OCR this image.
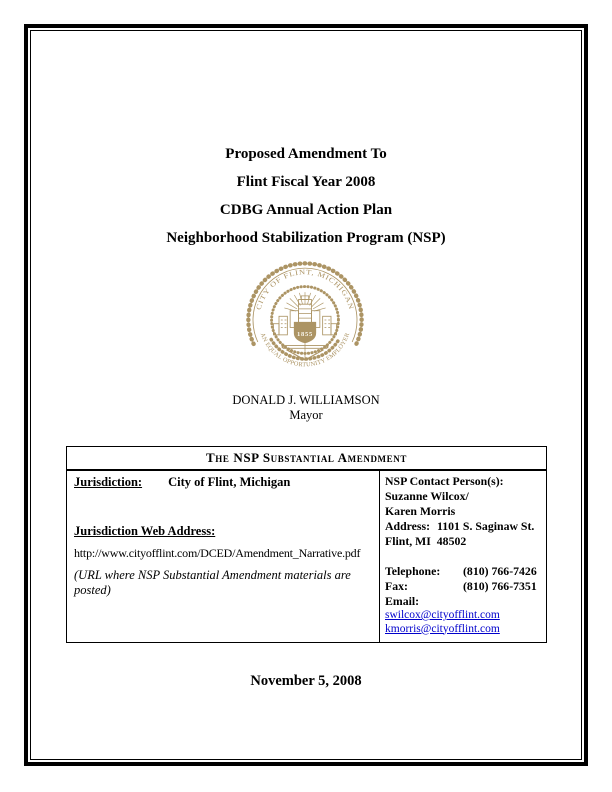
Proposed Amendment To
Flint Fiscal Year 2008
CDBG Annual Action Plan
Neighborhood Stabilization Program (NSP)
CITY OF FLINT, MICHIGAN
AN EQUAL OPPORTUNITY EMPLOYER
1855
DONALD J. WILLIAMSON
Mayor
The NSP Substantial Amendment
Jurisdiction: City of Flint, Michigan
Jurisdiction Web Address:
http://www.cityofflint.com/DCED/Amendment_Narrative.pdf
(URL where NSP Substantial Amendment materials are posted)
NSP Contact Person(s):
Suzanne Wilcox/
Karen Morris
Address: 1101 S. Saginaw St.
Flint, MI  48502
Telephone:	(810) 766-7426
Fax:	(810) 766-7351
Email:
swilcox@cityofflint.com
kmorris@cityofflint.com
November 5, 2008
